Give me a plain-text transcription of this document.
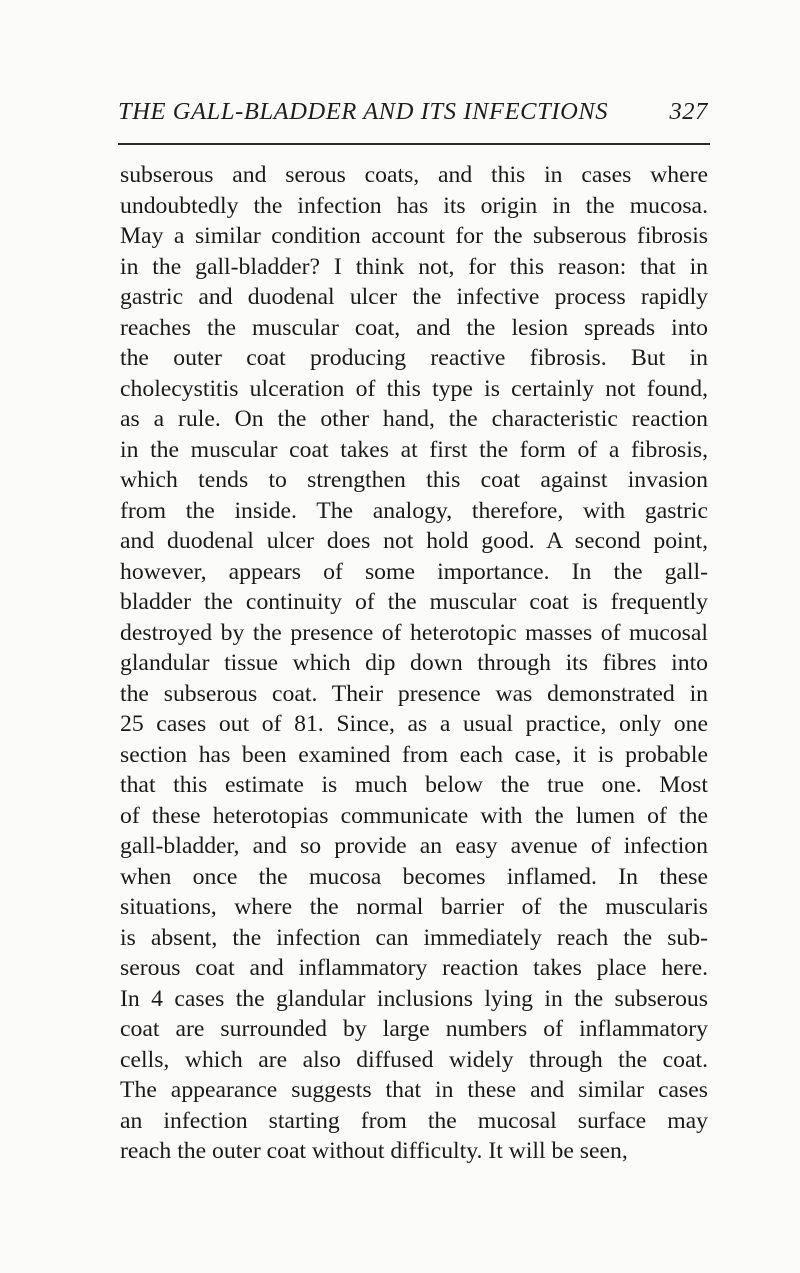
THE GALL-BLADDER AND ITS INFECTIONS	327
subserous and serous coats, and this in cases where
undoubtedly the infection has its origin in the mucosa.
May a similar condition account for the subserous fibrosis
in the gall-bladder? I think not, for this reason: that in
gastric and duodenal ulcer the infective process rapidly
reaches the muscular coat, and the lesion spreads into
the outer coat producing reactive fibrosis. But in
cholecystitis ulceration of this type is certainly not found,
as a rule. On the other hand, the characteristic reaction
in the muscular coat takes at first the form of a fibrosis,
which tends to strengthen this coat against invasion
from the inside. The analogy, therefore, with gastric
and duodenal ulcer does not hold good. A second point,
however, appears of some importance. In the gall-
bladder the continuity of the muscular coat is frequently
destroyed by the presence of heterotopic masses of mucosal
glandular tissue which dip down through its fibres into
the subserous coat. Their presence was demonstrated in
25 cases out of 81. Since, as a usual practice, only one
section has been examined from each case, it is probable
that this estimate is much below the true one. Most
of these heterotopias communicate with the lumen of the
gall-bladder, and so provide an easy avenue of infection
when once the mucosa becomes inflamed. In these
situations, where the normal barrier of the muscularis
is absent, the infection can immediately reach the sub-
serous coat and inflammatory reaction takes place here.
In 4 cases the glandular inclusions lying in the subserous
coat are surrounded by large numbers of inflammatory
cells, which are also diffused widely through the coat.
The appearance suggests that in these and similar cases
an infection starting from the mucosal surface may
reach the outer coat without difficulty. It will be seen,
